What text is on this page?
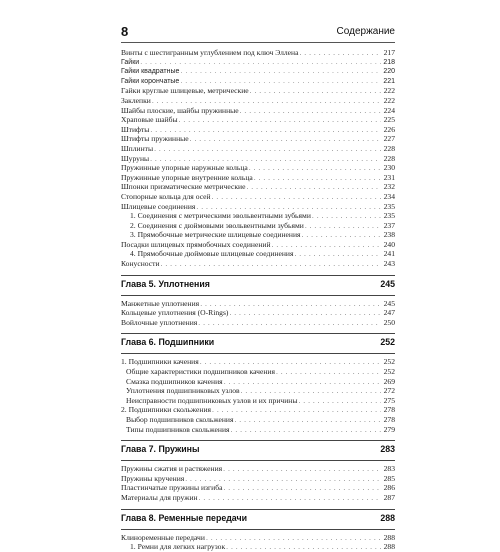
8	Содержание
Винты с шестигранным углублением под ключ Эллена . . .	217
Гайки . . .	218
Гайки квадратные . . .	220
Гайки корончатые . . .	221
Гайки круглые шлицевые, метрические . . .	222
Заклепки . . .	222
Шайбы плоские, шайбы пружинные . . .	224
Храповые шайбы . . .	225
Штифты . . .	226
Штифты пружинные . . .	227
Шплинты . . .	228
Шуруны . . .	228
Пружинные упорные наружные кольца . . .	230
Пружинные упорные внутренние кольца . . .	231
Шпонки призматические метрические . . .	232
Стопорные кольца для осей . . .	234
Шлицевые соединения . . .	235
1. Соединения с метрическими эвольвентными зубьями . . .	235
2. Соединения с дюймовыми эвольвентными зубьями . . .	237
3. Прямобочные метрические шлицевые соединения . . .	238
Посадки шлицевых прямобочных соединений . . .	240
4. Прямобочные дюймовые шлицевые соединения . . .	241
Конусности . . .	243
Глава 5. Уплотнения	245
Манжетные уплотнения . . .	245
Кольцевые уплотнения (O-Rings) . . .	247
Войлочные уплотнения . . .	250
Глава 6. Подшипники	252
1. Подшипники качения . . .	252
Общие характеристики подшипников качения . . .	252
Смазка подшипников качения . . .	269
Уплотнения подшипниковых узлов . . .	272
Неисправности подшипниковых узлов и их причины . . .	275
2. Подшипники скольжения . . .	278
Выбор подшипников скольжения . . .	278
Типы подшипников скольжения . . .	279
Глава 7. Пружины	283
Пружины сжатия и растяжения . . .	283
Пружины кручения . . .	285
Пластинчатые пружины изгиба . . .	286
Материалы для пружин . . .	287
Глава 8. Ременные передачи	288
Клиноременные передачи . . .	288
1. Ремни для легких нагрузок . . .	288
